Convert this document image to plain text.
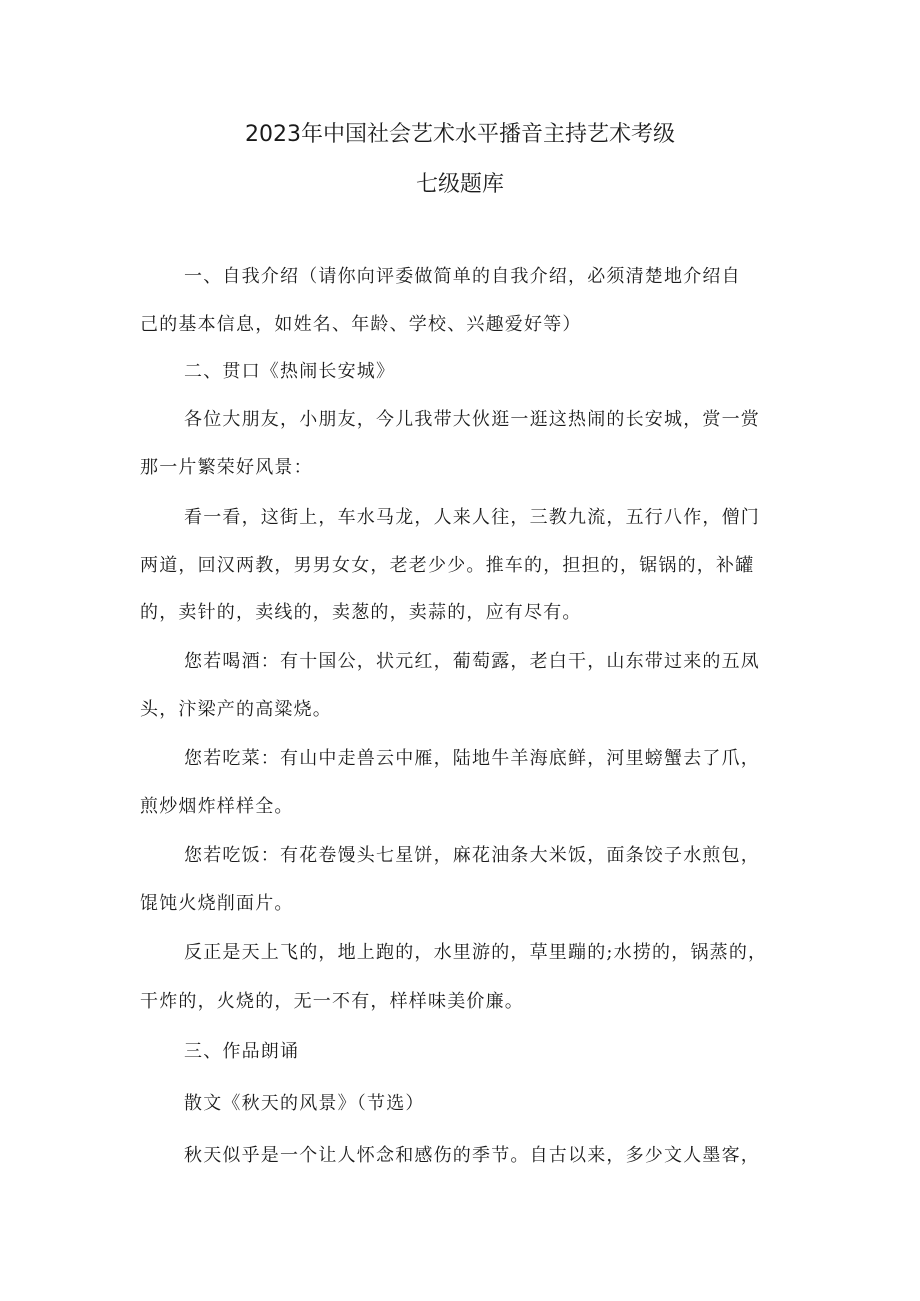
2023年中国社会艺术水平播音主持艺术考级
七级题库
一、自我介绍（请你向评委做简单的自我介绍，必须清楚地介绍自
己的基本信息，如姓名、年龄、学校、兴趣爱好等）
二、贯口《热闹长安城》
各位大朋友，小朋友，今儿我带大伙逛一逛这热闹的长安城，赏一赏
那一片繁荣好风景：
看一看，这街上，车水马龙，人来人往，三教九流，五行八作，僧门
两道，回汉两教，男男女女，老老少少。推车的，担担的，锯锅的，补罐
的，卖针的，卖线的，卖葱的，卖蒜的，应有尽有。
您若喝酒：有十国公，状元红，葡萄露，老白干，山东带过来的五凤
头，汴梁产的高粱烧。
您若吃菜：有山中走兽云中雁，陆地牛羊海底鲜，河里螃蟹去了爪，
煎炒烟炸样样全。
您若吃饭：有花卷馒头七星饼，麻花油条大米饭，面条饺子水煎包，
馄饨火烧削面片。
反正是天上飞的，地上跑的，水里游的，草里蹦的;水捞的，锅蒸的，
干炸的，火烧的，无一不有，样样味美价廉。
三、作品朗诵
散文《秋天的风景》（节选）
秋天似乎是一个让人怀念和感伤的季节。自古以来，多少文人墨客，
